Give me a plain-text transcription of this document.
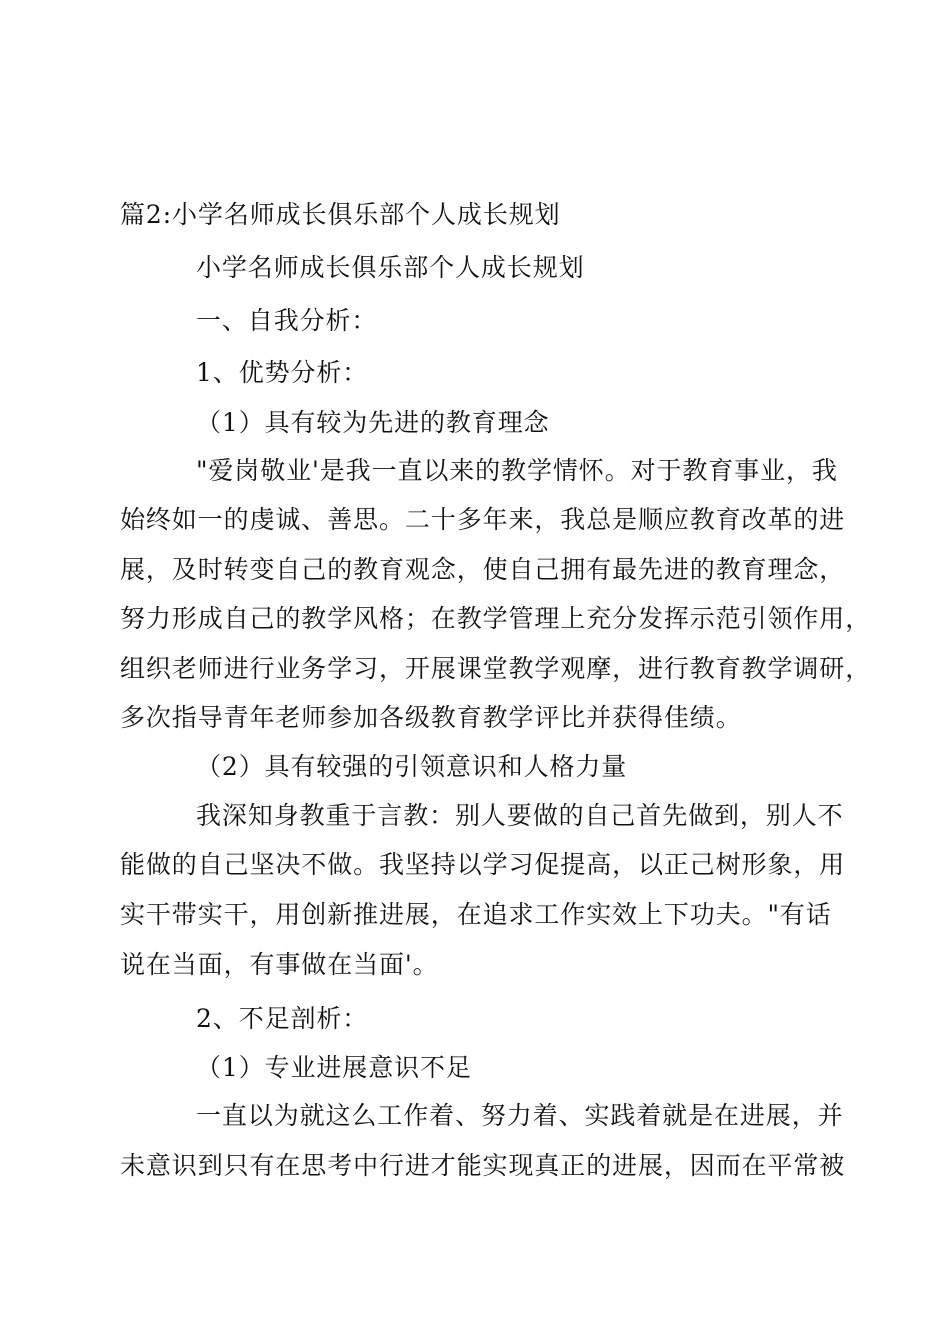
篇2:小学名师成长俱乐部个人成长规划
小学名师成长俱乐部个人成长规划
一、自我分析：
1、优势分析：
（1）具有较为先进的教育理念
"爱岗敬业'是我一直以来的教学情怀。对于教育事业，我
始终如一的虔诚、善思。二十多年来，我总是顺应教育改革的进
展，及时转变自己的教育观念，使自己拥有最先进的教育理念，
努力形成自己的教学风格；在教学管理上充分发挥示范引领作用，
组织老师进行业务学习，开展课堂教学观摩，进行教育教学调研，
多次指导青年老师参加各级教育教学评比并获得佳绩。
（2）具有较强的引领意识和人格力量
我深知身教重于言教：别人要做的自己首先做到，别人不
能做的自己坚决不做。我坚持以学习促提高，以正己树形象，用
实干带实干，用创新推进展，在追求工作实效上下功夫。"有话
说在当面，有事做在当面'。
2、不足剖析：
（1）专业进展意识不足
一直以为就这么工作着、努力着、实践着就是在进展，并
未意识到只有在思考中行进才能实现真正的进展，因而在平常被
